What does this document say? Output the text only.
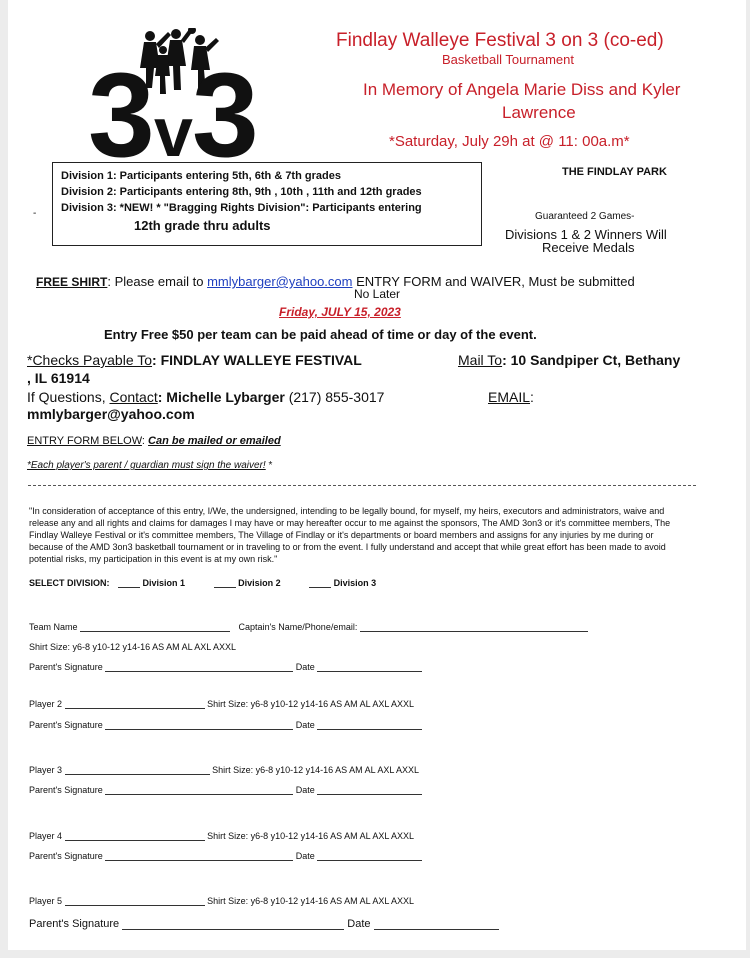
3 v 3
Findlay Walleye Festival 3 on 3 (co-ed)
Basketball Tournament
In Memory of Angela Marie Diss and Kyler
Lawrence
*Saturday, July 29h at @ 11: 00a.m*
Division 1: Participants entering 5th, 6th & 7th grades
Division 2: Participants entering 8th, 9th , 10th , 11th and 12th grades
Division 3: *NEW! * "Bragging Rights Division": Participants entering
12th grade thru adults
-
THE FINDLAY PARK
Guaranteed 2 Games-
Divisions 1 & 2 Winners Will
Receive Medals
FREE SHIRT: Please email to mmlybarger@yahoo.com ENTRY FORM and WAIVER, Must be submitted
No Later
Friday, JULY 15, 2023
Entry Free $50 per team can be paid ahead of time or day of the event.
*Checks Payable To: FINDLAY WALLEYE FESTIVAL	Mail To: 10 Sandpiper Ct, Bethany
, IL 61914
If Questions, Contact: Michelle Lybarger (217) 855-3017	EMAIL:
mmlybarger@yahoo.com
ENTRY FORM BELOW: Can be mailed or emailed
*Each player's parent / guardian must sign the waiver! *
"In consideration of acceptance of this entry, I/We, the undersigned, intending to be legally bound, for myself, my heirs, executors and administrators, waive and
release any and all rights and claims for damages I may have or may hereafter occur to me against the sponsors, The AMD 3on3 or it's committee members, The
Findlay Walleye Festival or it's committee members, The Village of Findlay or it's departments or board members and assigns for any injuries by me during or
because of the AMD 3on3 basketball tournament or in traveling to or from the event. I fully understand and accept that while great effort has been made to avoid
potential risks, my participation in this event is at my own risk."
SELECT DIVISION:	Division 1	Division 2	Division 3
Team Name	Captain's Name/Phone/email:
Shirt Size: y6-8 y10-12 y14-16 AS AM AL AXL AXXL
Parent's Signature	Date
Player 2	Shirt Size: y6-8 y10-12 y14-16 AS AM AL AXL AXXL
Parent's Signature	Date
Player 3	Shirt Size: y6-8 y10-12 y14-16 AS AM AL AXL AXXL
Parent's Signature	Date
Player 4	Shirt Size: y6-8 y10-12 y14-16 AS AM AL AXL AXXL
Parent's Signature	Date
Player 5	Shirt Size: y6-8 y10-12 y14-16 AS AM AL AXL AXXL
Parent's Signature	Date
